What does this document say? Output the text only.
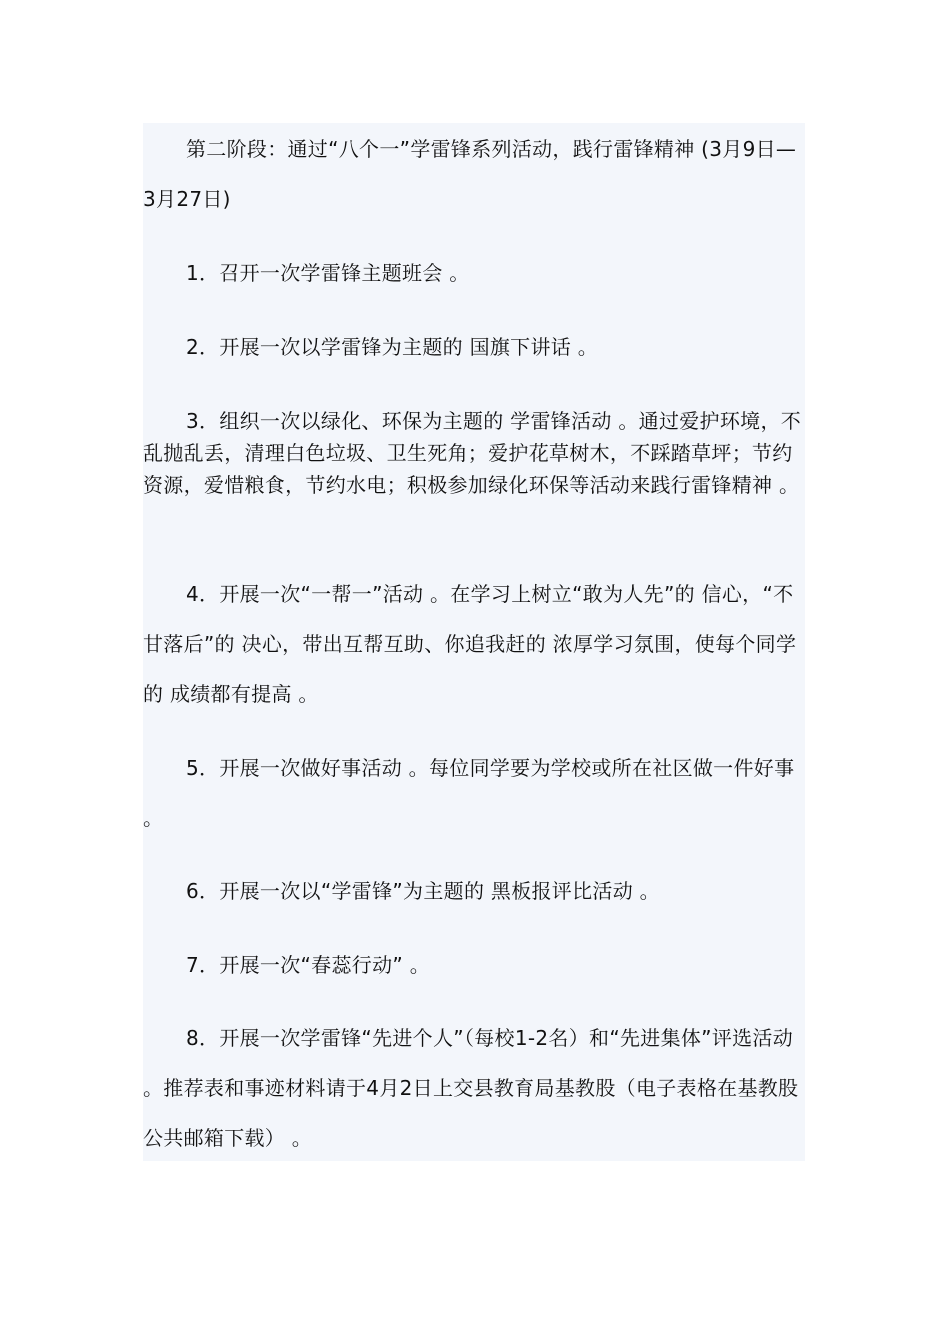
第二阶段：通过“八个一”学雷锋系列活动，践行雷锋精神 (3月9日—3月27日)

1．召开一次学雷锋主题班会 。

2．开展一次以学雷锋为主题的 国旗下讲话 。

3．组织一次以绿化、环保为主题的 学雷锋活动 。通过爱护环境，不乱抛乱丢，清理白色垃圾、卫生死角；爱护花草树木，不踩踏草坪；节约资源，爱惜粮食，节约水电；积极参加绿化环保等活动来践行雷锋精神 。

4．开展一次“一帮一”活动 。在学习上树立“敢为人先”的 信心，“不甘落后”的 决心，带出互帮互助、你追我赶的 浓厚学习氛围，使每个同学的 成绩都有提高 。

5．开展一次做好事活动 。每位同学要为学校或所在社区做一件好事 。

6．开展一次以“学雷锋”为主题的 黑板报评比活动 。

7．开展一次“春蕊行动” 。

8．开展一次学雷锋“先进个人”（每校1-2名）和“先进集体”评选活动 。推荐表和事迹材料请于4月2日上交县教育局基教股（电子表格在基教股公共邮箱下载） 。
